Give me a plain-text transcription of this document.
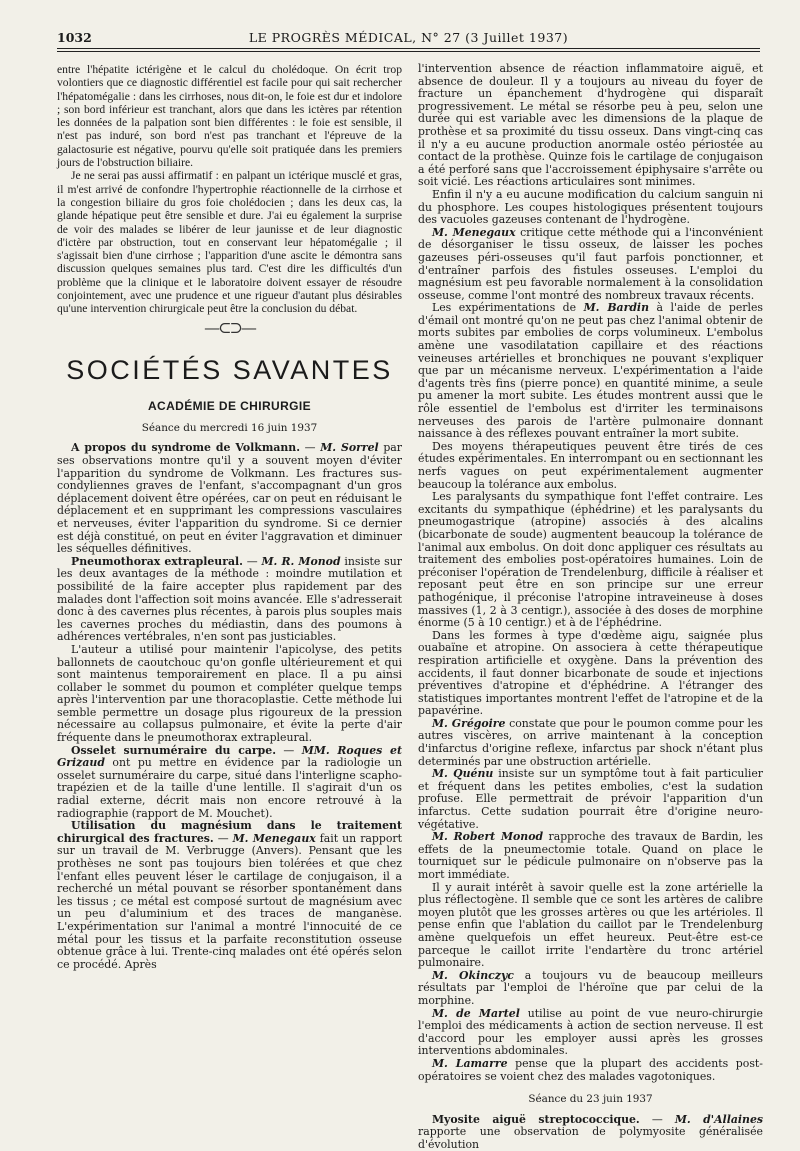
1032	LE PROGRÈS MÉDICAL, N° 27 (3 Juillet 1937)

entre l'hépatite ictérigène et le calcul du cholédoque. On écrit trop volontiers que ce diagnostic différentiel est facile pour qui sait rechercher l'hépatomégalie : dans les cirrhoses, nous dit-on, le foie est dur et indolore ; son bord inférieur est tranchant, alors que dans les ictères par rétention les données de la palpation sont bien différentes : le foie est sensible, il n'est pas induré, son bord n'est pas tranchant et l'épreuve de la galactosurie est négative, pourvu qu'elle soit pratiquée dans les premiers jours de l'obstruction biliaire.

Je ne serai pas aussi affirmatif : en palpant un ictérique musclé et gras, il m'est arrivé de confondre l'hypertrophie réactionnelle de la cirrhose et la congestion biliaire du gros foie cholédocien ; dans les deux cas, la glande hépatique peut être sensible et dure. J'ai eu également la surprise de voir des malades se libérer de leur jaunisse et de leur diagnostic d'ictère par obstruction, tout en conservant leur hépatomégalie ; il s'agissait bien d'une cirrhose ; l'apparition d'une ascite le démontra sans discussion quelques semaines plus tard. C'est dire les difficultés d'un problème que la clinique et le laboratoire doivent essayer de résoudre conjointement, avec une prudence et une rigueur d'autant plus désirables qu'une intervention chirurgicale peut être la conclusion du débat.

—⊂⊃—
SOCIÉTÉS SAVANTES
ACADÉMIE DE CHIRURGIE
Séance du mercredi 16 juin 1937

A propos du syndrome de Volkmann. — M. Sorrel par ses observations montre qu'il y a souvent moyen d'éviter l'apparition du syndrome de Volkmann. Les fractures sus-condyliennes graves de l'enfant, s'accompagnant d'un gros déplacement doivent être opérées, car on peut en réduisant le déplacement et en supprimant les compressions vasculaires et nerveuses, éviter l'apparition du syndrome. Si ce dernier est déjà constitué, on peut en éviter l'aggravation et diminuer les séquelles définitives.

Pneumothorax extrapleural. — M. R. Monod insiste sur les deux avantages de la méthode : moindre mutilation et possibilité de la faire accepter plus rapidement par des malades dont l'affection soit moins avancée. Elle s'adresserait donc à des cavernes plus récentes, à parois plus souples mais les cavernes proches du médiastin, dans des poumons à adhérences vertébrales, n'en sont pas justiciables.

L'auteur a utilisé pour maintenir l'apicolyse, des petits ballonnets de caoutchouc qu'on gonfle ultérieurement et qui sont maintenus temporairement en place. Il a pu ainsi collaber le sommet du poumon et compléter quelque temps après l'intervention par une thoracoplastie. Cette méthode lui semble permettre un dosage plus rigoureux de la pression nécessaire au collapsus pulmonaire, et évite la perte d'air fréquente dans le pneumothorax extrapleural.

Osselet surnuméraire du carpe. — MM. Roques et Grizaud ont pu mettre en évidence par la radiologie un osselet surnuméraire du carpe, situé dans l'interligne scapho-trapézien et de la taille d'une lentille. Il s'agirait d'un os radial externe, décrit mais non encore retrouvé à la radiographie (rapport de M. Mouchet).

Utilisation du magnésium dans le traitement chirurgical des fractures. — M. Menegaux fait un rapport sur un travail de M. Verbrugge (Anvers). Pensant que les prothèses ne sont pas toujours bien tolérées et que chez l'enfant elles peuvent léser le cartilage de conjugaison, il a recherché un métal pouvant se résorber spontanément dans les tissus ; ce métal est composé surtout de magnésium avec un peu d'aluminium et des traces de manganèse. L'expérimentation sur l'animal a montré l'innocuité de ce métal pour les tissus et la parfaite reconstitution osseuse obtenue grâce à lui. Trente-cinq malades ont été opérés selon ce procédé. Après

l'intervention absence de réaction inflammatoire aiguë, et absence de douleur. Il y a toujours au niveau du foyer de fracture un épanchement d'hydrogène qui disparaît progressivement. Le métal se résorbe peu à peu, selon une durée qui est variable avec les dimensions de la plaque de prothèse et sa proximité du tissu osseux. Dans vingt-cinq cas il n'y a eu aucune production anormale ostéo périostée au contact de la prothèse. Quinze fois le cartilage de conjugaison a été perforé sans que l'accroissement épiphysaire s'arrête ou soit vicié. Les réactions articulaires sont minimes.

Enfin il n'y a eu aucune modification du calcium sanguin ni du phosphore. Les coupes histologiques présentent toujours des vacuoles gazeuses contenant de l'hydrogène.

M. Menegaux critique cette méthode qui a l'inconvénient de désorganiser le tissu osseux, de laisser les poches gazeuses péri-osseuses qu'il faut parfois ponctionner, et d'entraîner parfois des fistules osseuses. L'emploi du magnésium est peu favorable normalement à la consolidation osseuse, comme l'ont montré des nombreux travaux récents.

Les expérimentations de M. Bardin à l'aide de perles d'émail ont montré qu'on ne peut pas chez l'animal obtenir de morts subites par embolies de corps volumineux. L'embolus amène une vasodilatation capillaire et des réactions veineuses artérielles et bronchiques ne pouvant s'expliquer que par un mécanisme nerveux. L'expérimentation a l'aide d'agents très fins (pierre ponce) en quantité minime, a seule pu amener la mort subite. Les études montrent aussi que le rôle essentiel de l'embolus est d'irriter les terminaisons nerveuses des parois de l'artère pulmonaire donnant naissance à des réflexes pouvant entraîner la mort subite.

Des moyens thérapeutiques peuvent être tirés de ces études expérimentales. En interrompant ou en sectionnant les nerfs vagues on peut expérimentalement augmenter beaucoup la tolérance aux embolus.

Les paralysants du sympathique font l'effet contraire. Les excitants du sympathique (éphédrine) et les paralysants du pneumogastrique (atropine) associés à des alcalins (bicarbonate de soude) augmentent beaucoup la tolérance de l'animal aux embolus. On doit donc appliquer ces résultats au traitement des embolies post-opératoires humaines. Loin de préconiser l'opération de Trendelenburg, difficile à réaliser et reposant peut être en son principe sur une erreur pathogénique, il préconise l'atropine intraveineuse à doses massives (1, 2 à 3 centigr.), associée à des doses de morphine énorme (5 à 10 centigr.) et à de l'éphédrine.

Dans les formes à type d'œdème aigu, saignée plus ouabaïne et atropine. On associera à cette thérapeutique respiration artificielle et oxygène. Dans la prévention des accidents, il faut donner bicarbonate de soude et injections préventives d'atropine et d'éphédrine. A l'étranger des statistiques importantes montrent l'effet de l'atropine et de la papavérine.

M. Grégoire constate que pour le poumon comme pour les autres viscères, on arrive maintenant à la conception d'infarctus d'origine reflexe, infarctus par shock n'étant plus determinés par une obstruction artérielle.

M. Quénu insiste sur un symptôme tout à fait particulier et fréquent dans les petites embolies, c'est la sudation profuse. Elle permettrait de prévoir l'apparition d'un infarctus. Cette sudation pourrait être d'origine neuro-végétative.

M. Robert Monod rapproche des travaux de Bardin, les effets de la pneumectomie totale. Quand on place le tourniquet sur le pédicule pulmonaire on n'observe pas la mort immédiate.

Il y aurait intérêt à savoir quelle est la zone artérielle la plus réflectogène. Il semble que ce sont les artères de calibre moyen plutôt que les grosses artères ou que les artérioles. Il pense enfin que l'ablation du caillot par le Trendelenburg amène quelquefois un effet heureux. Peut-être est-ce parceque le caillot irrite l'endartère du tronc artériel pulmonaire.

M. Okinczyc a toujours vu de beaucoup meilleurs résultats par l'emploi de l'héroïne que par celui de la morphine.

M. de Martel utilise au point de vue neuro-chirurgie l'emploi des médicaments à action de section nerveuse. Il est d'accord pour les employer aussi après les grosses interventions abdominales.

M. Lamarre pense que la plupart des accidents post-opératoires se voient chez des malades vagotoniques.

Séance du 23 juin 1937

Myosite aiguë streptococcique. — M. d'Allaines rapporte une observation de polymyosite généralisée d'évolution
